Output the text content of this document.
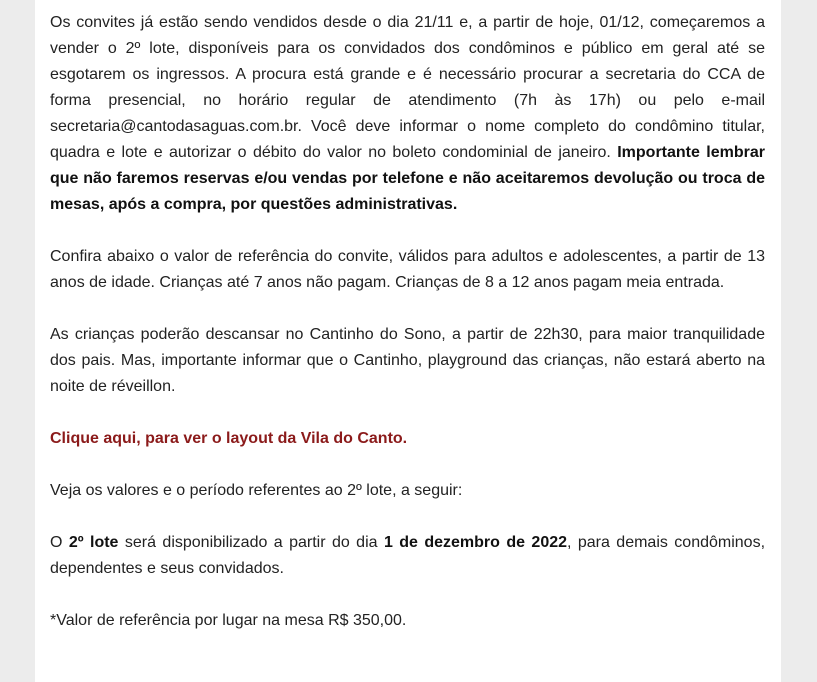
Os convites já estão sendo vendidos desde o dia 21/11 e, a partir de hoje, 01/12, começaremos a vender o 2º lote, disponíveis para os convidados dos condôminos e público em geral até se esgotarem os ingressos. A procura está grande e é necessário procurar a secretaria do CCA de forma presencial, no horário regular de atendimento (7h às 17h) ou pelo e-mail secretaria@cantodasaguas.com.br. Você deve informar o nome completo do condômino titular, quadra e lote e autorizar o débito do valor no boleto condominial de janeiro. Importante lembrar que não faremos reservas e/ou vendas por telefone e não aceitaremos devolução ou troca de mesas, após a compra, por questões administrativas.

Confira abaixo o valor de referência do convite, válidos para adultos e adolescentes, a partir de 13 anos de idade. Crianças até 7 anos não pagam. Crianças de 8 a 12 anos pagam meia entrada.

As crianças poderão descansar no Cantinho do Sono, a partir de 22h30, para maior tranquilidade dos pais. Mas, importante informar que o Cantinho, playground das crianças, não estará aberto na noite de réveillon.

Clique aqui, para ver o layout da Vila do Canto.

Veja os valores e o período referentes ao 2º lote, a seguir:

O 2º lote será disponibilizado a partir do dia 1 de dezembro de 2022, para demais condôminos, dependentes e seus convidados.

*Valor de referência por lugar na mesa R$ 350,00.
